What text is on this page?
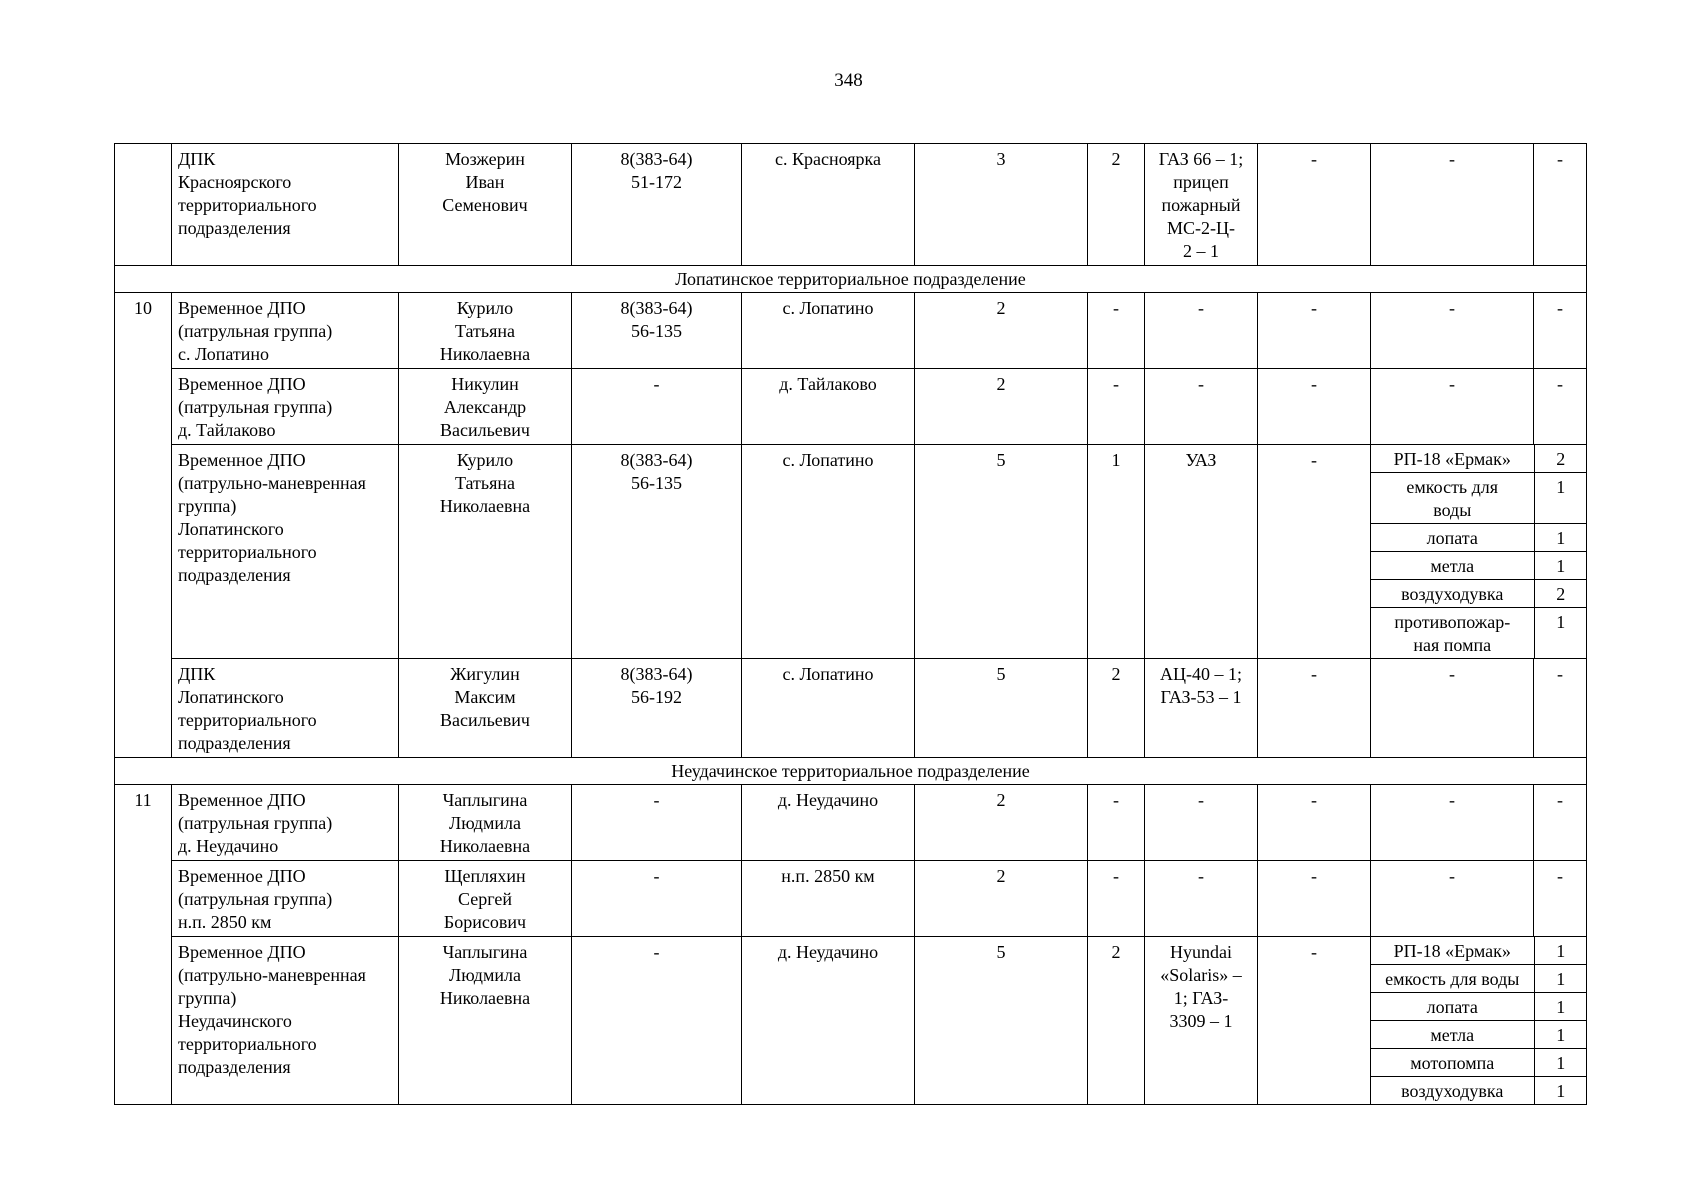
348
	ДПК
Красноярского
территориального
подразделения	Мозжерин
Иван
Семенович	8(383-64)
51-172	с. Красноярка	3	2	ГАЗ 66 – 1;
прицеп
пожарный
МС-2-Ц-
2 – 1	-	-	-
Лопатинское территориальное подразделение
10	Временное ДПО
(патрульная группа)
с. Лопатино	Курило
Татьяна
Николаевна	8(383-64)
56-135	с. Лопатино	2	-	-	-	-	-
Временное ДПО
(патрульная группа)
д. Тайлаково	Никулин
Александр
Васильевич	-	д. Тайлаково	2	-	-	-	-	-
Временное ДПО
(патрульно-маневренная
группа)
Лопатинского
территориального
подразделения	Курило
Татьяна
Николаевна	8(383-64)
56-135	с. Лопатино	5	1	УАЗ	-		РП-18 «Ермак»	2
емкость для
воды	1
лопата	1
метла	1
воздуходувка	2
противопожар-
ная помпа	1

ДПК
Лопатинского
территориального
подразделения	Жигулин
Максим
Васильевич	8(383-64)
56-192	с. Лопатино	5	2	АЦ-40 – 1;
ГАЗ-53 – 1	-	-	-
Неудачинское территориальное подразделение
11	Временное ДПО
(патрульная группа)
д. Неудачино	Чаплыгина
Людмила
Николаевна	-	д. Неудачино	2	-	-	-	-	-
Временное ДПО
(патрульная группа)
н.п. 2850 км	Щепляхин
Сергей
Борисович	-	н.п. 2850 км	2	-	-	-	-	-
Временное ДПО
(патрульно-маневренная
группа)
Неудачинского
территориального
подразделения	Чаплыгина
Людмила
Николаевна	-	д. Неудачино	5	2	Hyundai
«Solaris» –
1; ГАЗ-
3309 – 1	-		РП-18 «Ермак»	1
емкость для воды	1
лопата	1
метла	1
мотопомпа	1
воздуходувка	1
